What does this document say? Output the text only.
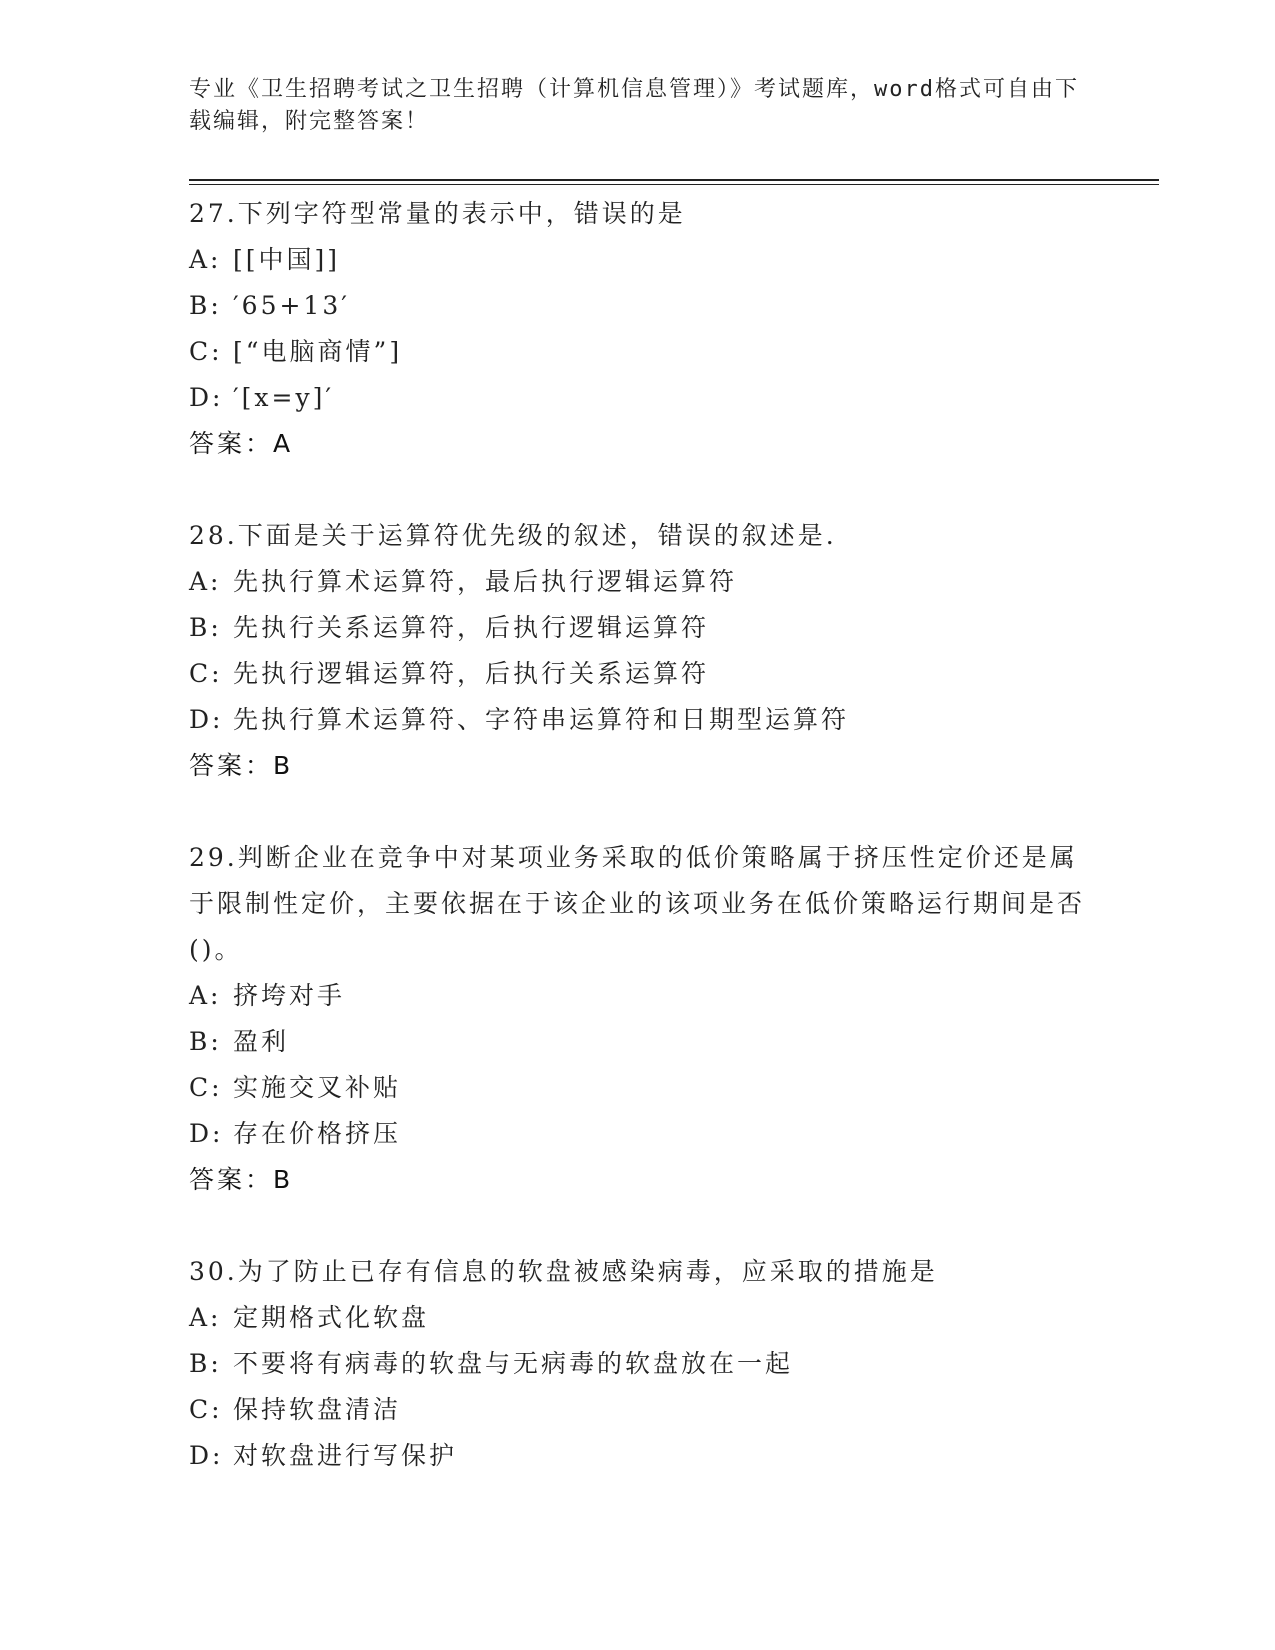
专业《卫生招聘考试之卫生招聘（计算机信息管理）》考试题库，word格式可自由下载编辑，附完整答案！

27.下列字符型常量的表示中，错误的是

A: [[中国]]

B: ′65+13′

C: [“电脑商情”]

D: ′[x=y]′

答案：A

28.下面是关于运算符优先级的叙述，错误的叙述是.

A: 先执行算术运算符，最后执行逻辑运算符

B: 先执行关系运算符，后执行逻辑运算符

C: 先执行逻辑运算符，后执行关系运算符

D: 先执行算术运算符、字符串运算符和日期型运算符

答案：B

29.判断企业在竞争中对某项业务采取的低价策略属于挤压性定价还是属于限制性定价，主要依据在于该企业的该项业务在低价策略运行期间是否()。

A: 挤垮对手

B: 盈利

C: 实施交叉补贴

D: 存在价格挤压

答案：B

30.为了防止已存有信息的软盘被感染病毒，应采取的措施是

A: 定期格式化软盘

B: 不要将有病毒的软盘与无病毒的软盘放在一起

C: 保持软盘清洁

D: 对软盘进行写保护
